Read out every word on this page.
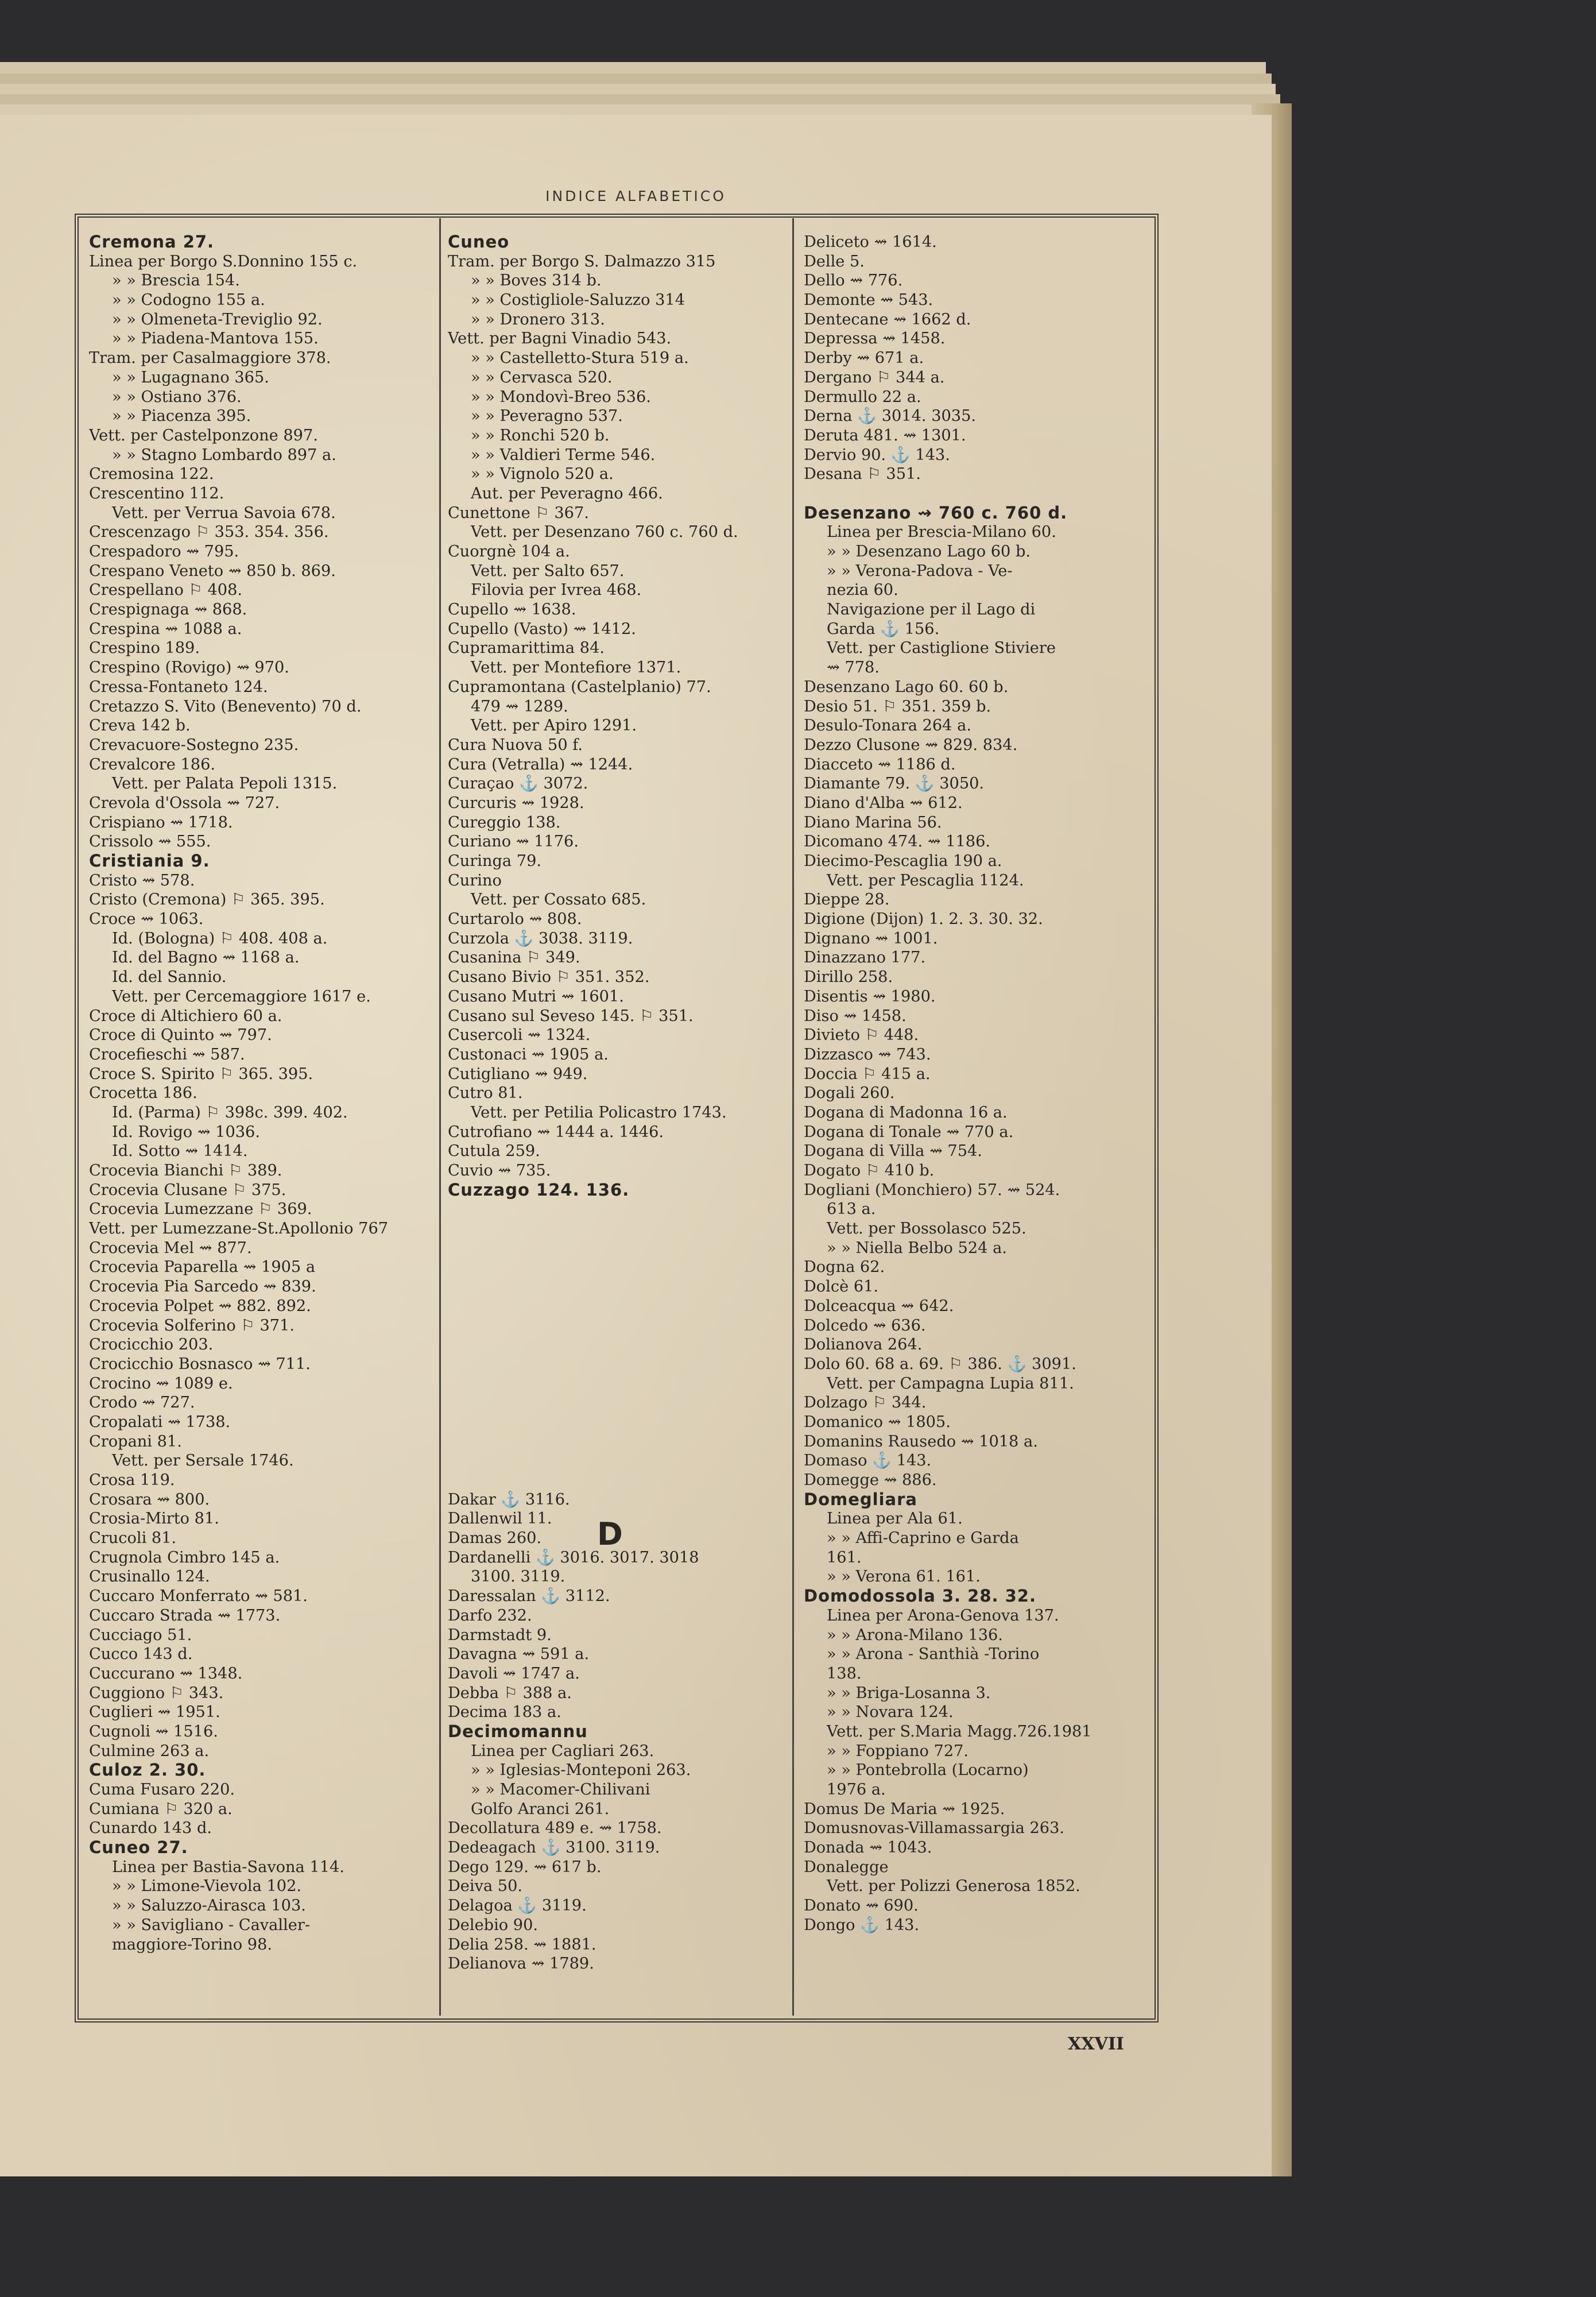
INDICE ALFABETICO
Cremona 27.
Linea per Borgo S.Donnino 155 c.
» » Brescia 154.
» » Codogno 155 a.
» » Olmeneta-Treviglio 92.
» » Piadena-Mantova 155.
Tram. per Casalmaggiore 378.
» » Lugagnano 365.
» » Ostiano 376.
» » Piacenza 395.
Vett. per Castelponzone 897.
» » Stagno Lombardo 897 a.
Cremosina 122.
Crescentino 112.
Vett. per Verrua Savoia 678.
Crescenzago ⚐ 353. 354. 356.
Crespadoro ⇝ 795.
Crespano Veneto ⇝ 850 b. 869.
Crespellano ⚐ 408.
Crespignaga ⇝ 868.
Crespina ⇝ 1088 a.
Crespino 189.
Crespino (Rovigo) ⇝ 970.
Cressa-Fontaneto 124.
Cretazzo S. Vito (Benevento) 70 d.
Creva 142 b.
Crevacuore-Sostegno 235.
Crevalcore 186.
Vett. per Palata Pepoli 1315.
Crevola d'Ossola ⇝ 727.
Crispiano ⇝ 1718.
Crissolo ⇝ 555.
Cristiania 9.
Cristo ⇝ 578.
Cristo (Cremona) ⚐ 365. 395.
Croce ⇝ 1063.
Id. (Bologna) ⚐ 408. 408 a.
Id. del Bagno ⇝ 1168 a.
Id. del Sannio.
Vett. per Cercemaggiore 1617 e.
Croce di Altichiero 60 a.
Croce di Quinto ⇝ 797.
Crocefieschi ⇝ 587.
Croce S. Spirito ⚐ 365. 395.
Crocetta 186.
Id. (Parma) ⚐ 398c. 399. 402.
Id. Rovigo ⇝ 1036.
Id. Sotto ⇝ 1414.
Crocevia Bianchi ⚐ 389.
Crocevia Clusane ⚐ 375.
Crocevia Lumezzane ⚐ 369.
Vett. per Lumezzane-St.Apollonio 767
Crocevia Mel ⇝ 877.
Crocevia Paparella ⇝ 1905 a
Crocevia Pia Sarcedo ⇝ 839.
Crocevia Polpet ⇝ 882. 892.
Crocevia Solferino ⚐ 371.
Crocicchio 203.
Crocicchio Bosnasco ⇝ 711.
Crocino ⇝ 1089 e.
Crodo ⇝ 727.
Cropalati ⇝ 1738.
Cropani 81.
Vett. per Sersale 1746.
Crosa 119.
Crosara ⇝ 800.
Crosia-Mirto 81.
Crucoli 81.
Crugnola Cimbro 145 a.
Crusinallo 124.
Cuccaro Monferrato ⇝ 581.
Cuccaro Strada ⇝ 1773.
Cucciago 51.
Cucco 143 d.
Cuccurano ⇝ 1348.
Cuggiono ⚐ 343.
Cuglieri ⇝ 1951.
Cugnoli ⇝ 1516.
Culmine 263 a.
Culoz 2. 30.
Cuma Fusaro 220.
Cumiana ⚐ 320 a.
Cunardo 143 d.
Cuneo 27.
Linea per Bastia-Savona 114.
» » Limone-Vievola 102.
» » Saluzzo-Airasca 103.
» » Savigliano - Cavaller-
maggiore-Torino 98.
Cuneo
Tram. per Borgo S. Dalmazzo 315
» » Boves 314 b.
» » Costigliole-Saluzzo 314
» » Dronero 313.
Vett. per Bagni Vinadio 543.
» » Castelletto-Stura 519 a.
» » Cervasca 520.
» » Mondovì-Breo 536.
» » Peveragno 537.
» » Ronchi 520 b.
» » Valdieri Terme 546.
» » Vignolo 520 a.
Aut. per Peveragno 466.
Cunettone ⚐ 367.
Vett. per Desenzano 760 c. 760 d.
Cuorgnè 104 a.
Vett. per Salto 657.
Filovia per Ivrea 468.
Cupello ⇝ 1638.
Cupello (Vasto) ⇝ 1412.
Cupramarittima 84.
Vett. per Montefiore 1371.
Cupramontana (Castelplanio) 77.
479 ⇝ 1289.
Vett. per Apiro 1291.
Cura Nuova 50 f.
Cura (Vetralla) ⇝ 1244.
Curaçao ⚓ 3072.
Curcuris ⇝ 1928.
Cureggio 138.
Curiano ⇝ 1176.
Curinga 79.
Curino
Vett. per Cossato 685.
Curtarolo ⇝ 808.
Curzola ⚓ 3038. 3119.
Cusanina ⚐ 349.
Cusano Bivio ⚐ 351. 352.
Cusano Mutri ⇝ 1601.
Cusano sul Seveso 145. ⚐ 351.
Cusercoli ⇝ 1324.
Custonaci ⇝ 1905 a.
Cutigliano ⇝ 949.
Cutro 81.
Vett. per Petilia Policastro 1743.
Cutrofiano ⇝ 1444 a. 1446.
Cutula 259.
Cuvio ⇝ 735.
Cuzzago 124. 136.
Dakar ⚓ 3116.
Dallenwil 11.
Damas 260.
Dardanelli ⚓ 3016. 3017. 3018
3100. 3119.
Daressalan ⚓ 3112.
Darfo 232.
Darmstadt 9.
Davagna ⇝ 591 a.
Davoli ⇝ 1747 a.
Debba ⚐ 388 a.
Decima 183 a.
Decimomannu
Linea per Cagliari 263.
» » Iglesias-Monteponi 263.
» » Macomer-Chilivani
Golfo Aranci 261.
Decollatura 489 e. ⇝ 1758.
Dedeagach ⚓ 3100. 3119.
Dego 129. ⇝ 617 b.
Deiva 50.
Delagoa ⚓ 3119.
Delebio 90.
Delia 258. ⇝ 1881.
Delianova ⇝ 1789.
Deliceto ⇝ 1614.
Delle 5.
Dello ⇝ 776.
Demonte ⇝ 543.
Dentecane ⇝ 1662 d.
Depressa ⇝ 1458.
Derby ⇝ 671 a.
Dergano ⚐ 344 a.
Dermullo 22 a.
Derna ⚓ 3014. 3035.
Deruta 481. ⇝ 1301.
Dervio 90. ⚓ 143.
Desana ⚐ 351.
Desenzano ⇝ 760 c. 760 d.
Linea per Brescia-Milano 60.
» » Desenzano Lago 60 b.
» » Verona-Padova - Ve-
nezia 60.
Navigazione per il Lago di
Garda ⚓ 156.
Vett. per Castiglione Stiviere
⇝ 778.
Desenzano Lago 60. 60 b.
Desio 51. ⚐ 351. 359 b.
Desulo-Tonara 264 a.
Dezzo Clusone ⇝ 829. 834.
Diacceto ⇝ 1186 d.
Diamante 79. ⚓ 3050.
Diano d'Alba ⇝ 612.
Diano Marina 56.
Dicomano 474. ⇝ 1186.
Diecimo-Pescaglia 190 a.
Vett. per Pescaglia 1124.
Dieppe 28.
Digione (Dijon) 1. 2. 3. 30. 32.
Dignano ⇝ 1001.
Dinazzano 177.
Dirillo 258.
Disentis ⇝ 1980.
Diso ⇝ 1458.
Divieto ⚐ 448.
Dizzasco ⇝ 743.
Doccia ⚐ 415 a.
Dogali 260.
Dogana di Madonna 16 a.
Dogana di Tonale ⇝ 770 a.
Dogana di Villa ⇝ 754.
Dogato ⚐ 410 b.
Dogliani (Monchiero) 57. ⇝ 524.
613 a.
Vett. per Bossolasco 525.
» » Niella Belbo 524 a.
Dogna 62.
Dolcè 61.
Dolceacqua ⇝ 642.
Dolcedo ⇝ 636.
Dolianova 264.
Dolo 60. 68 a. 69. ⚐ 386. ⚓ 3091.
Vett. per Campagna Lupia 811.
Dolzago ⚐ 344.
Domanico ⇝ 1805.
Domanins Rausedo ⇝ 1018 a.
Domaso ⚓ 143.
Domegge ⇝ 886.
Domegliara
Linea per Ala 61.
» » Affi-Caprino e Garda
161.
» » Verona 61. 161.
Domodossola 3. 28. 32.
Linea per Arona-Genova 137.
» » Arona-Milano 136.
» » Arona - Santhià -Torino
138.
» » Briga-Losanna 3.
» » Novara 124.
Vett. per S.Maria Magg.726.1981
» » Foppiano 727.
» » Pontebrolla (Locarno)
1976 a.
Domus De Maria ⇝ 1925.
Domusnovas-Villamassargia 263.
Donada ⇝ 1043.
Donalegge
Vett. per Polizzi Generosa 1852.
Donato ⇝ 690.
Dongo ⚓ 143.
D
XXVII
